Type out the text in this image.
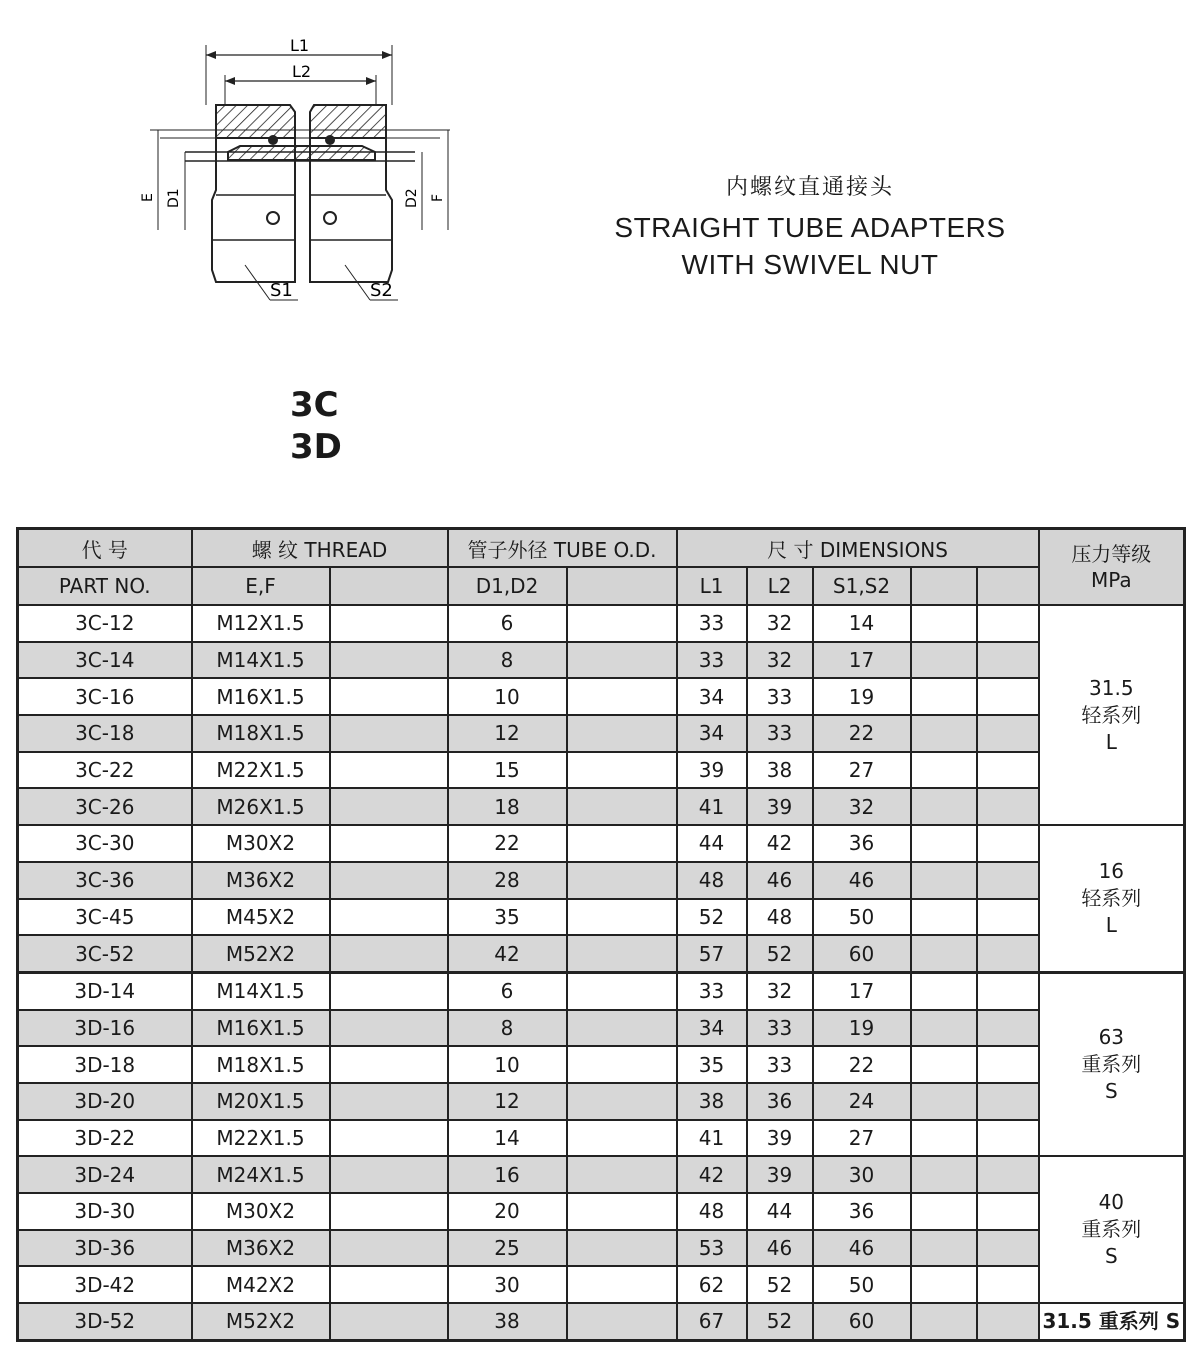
L1
L2
E D1	D2 F
S1	S2
内螺纹直通接头
STRAIGHT TUBE ADAPTERS
WITH SWIVEL NUT
3C
3D
代 号	螺 纹 THREAD		管子外径 TUBE O.D.		尺 寸 DIMENSIONS					压力等级
MPa

PART NO.	E,F		D1,D2		L1	L2	S1,S2			
3C-12	M12X1.5		6		33	32	14			31.5
轻系列
L

3C-14	M14X1.5		8		33	32	17			
3C-16	M16X1.5		10		34	33	19			
3C-18	M18X1.5		12		34	33	22			
3C-22	M22X1.5		15		39	38	27			
3C-26	M26X1.5		18		41	39	32			
3C-30	M30X2		22		44	42	36			16
轻系列
L

3C-36	M36X2		28		48	46	46			
3C-45	M45X2		35		52	48	50			
3C-52	M52X2		42		57	52	60			
3D-14	M14X1.5		6		33	32	17			63
重系列
S

3D-16	M16X1.5		8		34	33	19			
3D-18	M18X1.5		10		35	33	22			
3D-20	M20X1.5		12		38	36	24			
3D-22	M22X1.5		14		41	39	27			
3D-24	M24X1.5		16		42	39	30			40
重系列
S

3D-30	M30X2		20		48	44	36			
3D-36	M36X2		25		53	46	46			
3D-42	M42X2		30		62	52	50			
3D-52	M52X2		38		67	52	60			31.5 重系列 S
